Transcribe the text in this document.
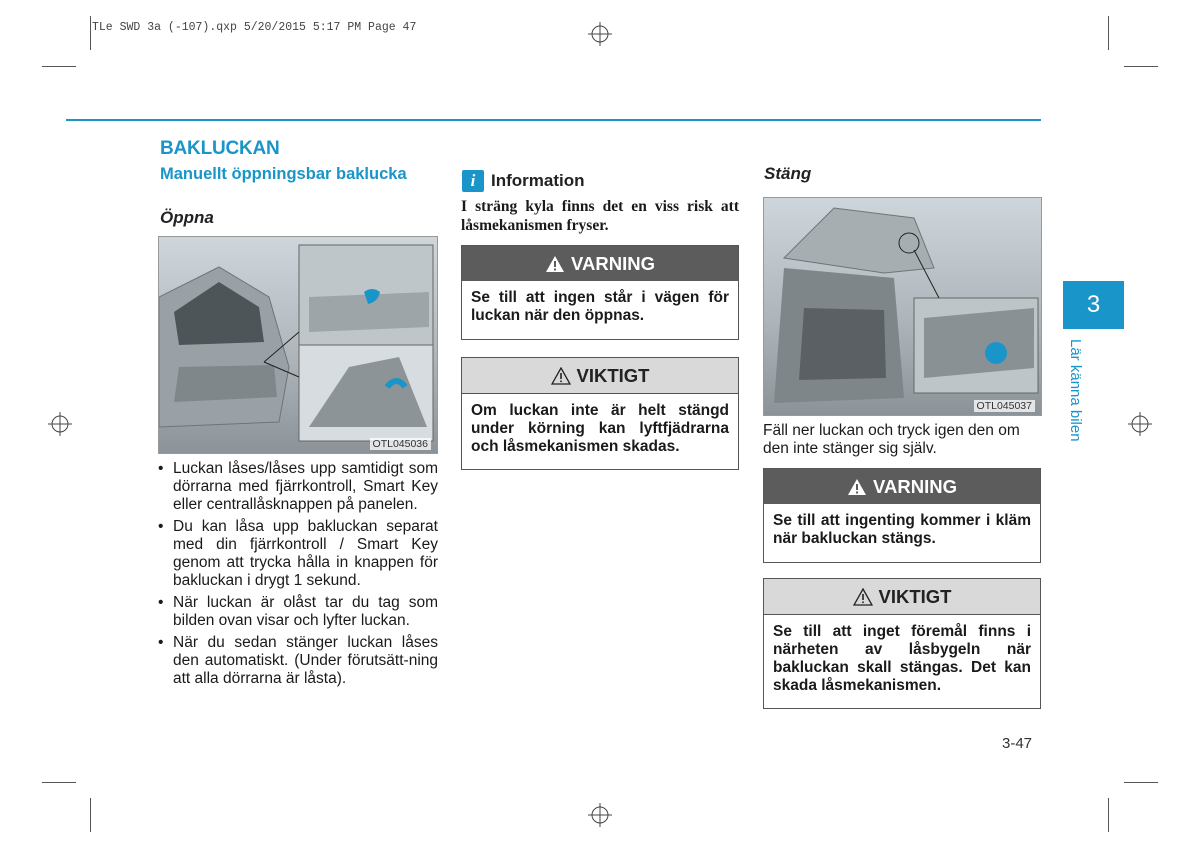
TLe SWD 3a (-107).qxp 5/20/2015 5:17 PM Page 47
BAKLUCKAN
Manuellt öppningsbar baklucka
Öppna
OTL045036
• Luckan låses/låses upp samtidigt som dörrarna med fjärrkontroll, Smart Key eller centrallåsknappen på panelen.
• Du kan låsa upp bakluckan separat med din fjärrkontroll / Smart Key genom att trycka hålla in knappen för bakluckan i drygt 1 sekund.
• När luckan är olåst tar du tag som bilden ovan visar och lyfter luckan.
• När du sedan stänger luckan låses den automatiskt. (Under förutsätt-ning att alla dörrarna är låsta).
i Information
I sträng kyla finns det en viss risk att låsmekanismen fryser.
VARNING
Se till att ingen står i vägen för luckan när den öppnas.
VIKTIGT
Om luckan inte är helt stängd under körning kan lyftfjädrarna och låsmekanismen skadas.
Stäng
OTL045037
Fäll ner luckan och tryck igen den om den inte stänger sig själv.
VARNING
Se till att ingenting kommer i kläm när bakluckan stängs.
VIKTIGT
Se till att inget föremål finns i närheten av låsbygeln när bakluckan skall stängas. Det kan skada låsmekanismen.
3
Lär känna bilen
3-47
